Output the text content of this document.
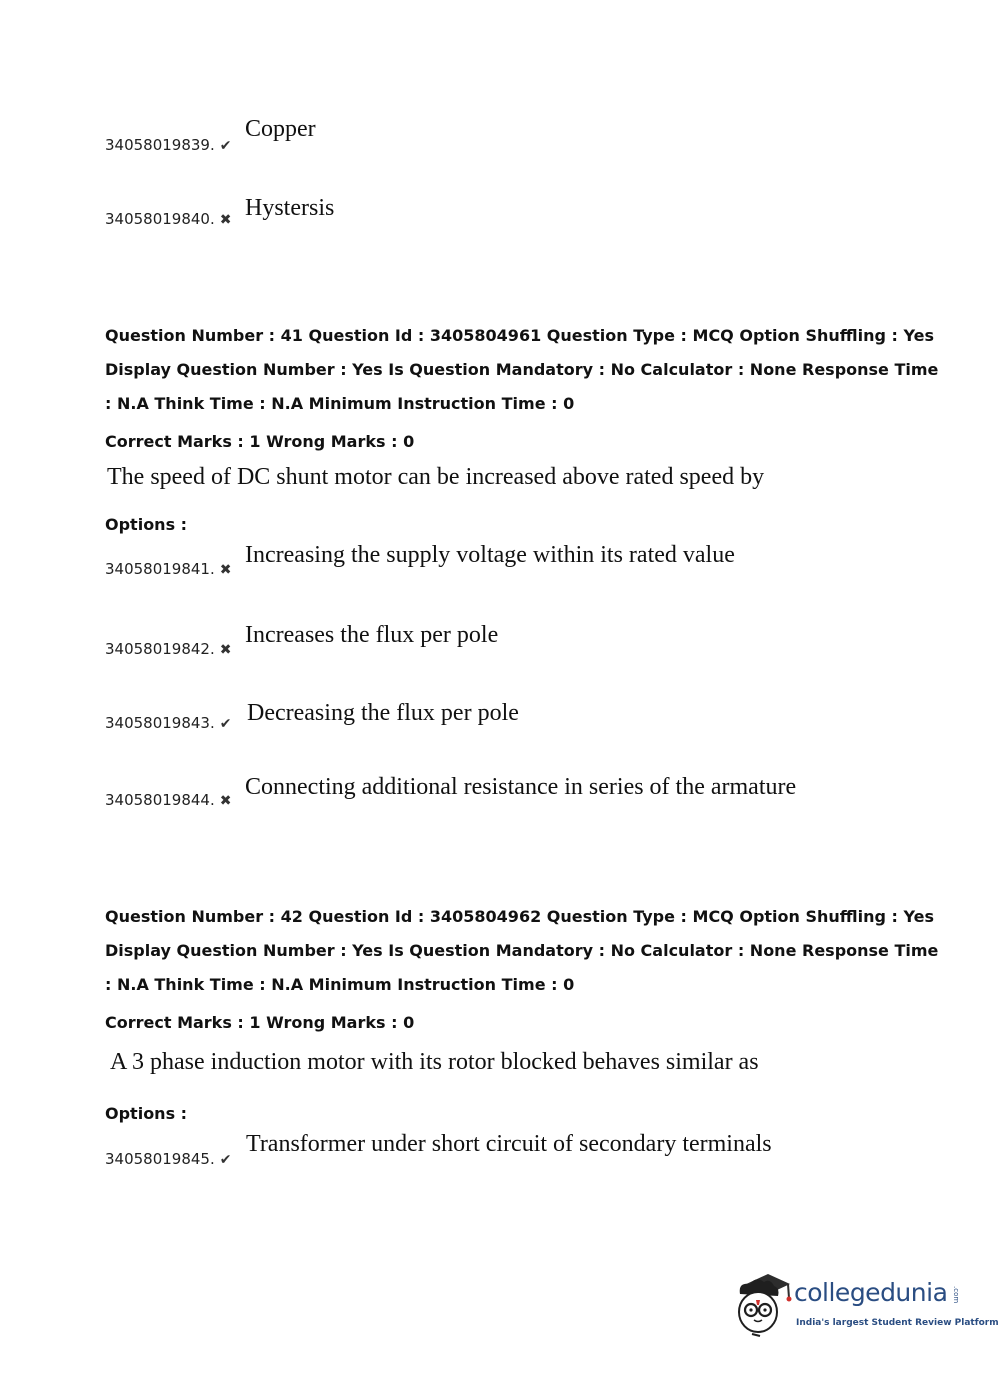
34058019839. ✔
Copper
34058019840. ✖ Hystersis
Question Number : 41 Question Id : 3405804961 Question Type : MCQ Option Shuffling : Yes
Display Question Number : Yes Is Question Mandatory : No Calculator : None Response Time
: N.A Think Time : N.A Minimum Instruction Time : 0
Correct Marks : 1 Wrong Marks : 0
The speed of DC shunt motor can be increased above rated speed by
Options :
34058019841. ✖
Increasing the supply voltage within its rated value
34058019842. ✖
Increases the flux per pole
34058019843. ✔ Decreasing the flux per pole
34058019844. ✖
Connecting additional resistance in series of the armature
Question Number : 42 Question Id : 3405804962 Question Type : MCQ Option Shuffling : Yes
Display Question Number : Yes Is Question Mandatory : No Calculator : None Response Time
: N.A Think Time : N.A Minimum Instruction Time : 0
Correct Marks : 1 Wrong Marks : 0
A 3 phase induction motor with its rotor blocked behaves similar as
Options :
34058019845. ✔
Transformer under short circuit of secondary terminals
collegedunia .com
India's largest Student Review Platform
